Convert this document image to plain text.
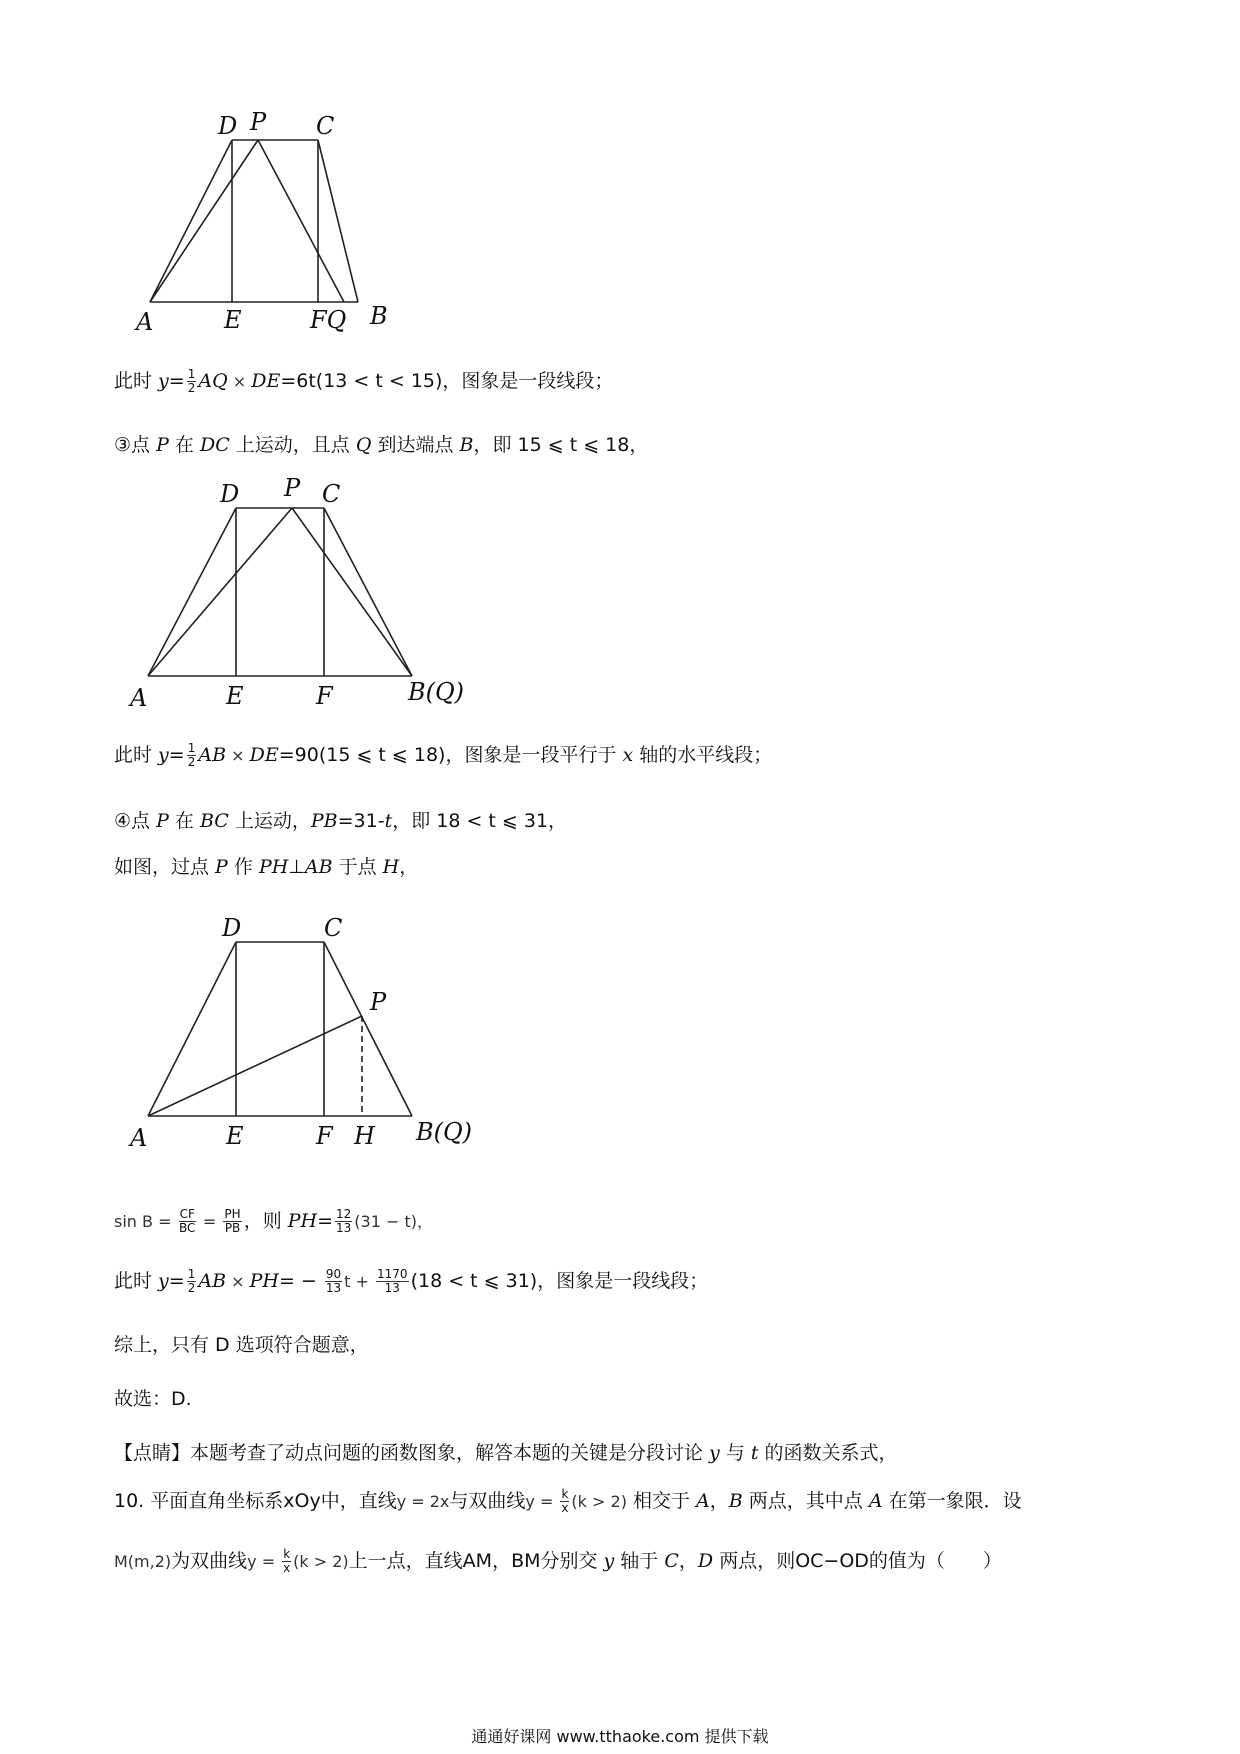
D P C
A	E	FQ B
此时 $y= \frac{1}{2}$ AQ × DE=6t(13 < t < 15)，图象是一段线段；
③点 P 在 DC 上运动，且点 Q 到达端点 B，即 15 ⩽ t ⩽ 18，
D P C
A	E	F	B(Q)
此时 $y= \frac{1}{2}$ AB × DE=90(15 ⩽ t ⩽ 18)，图象是一段平行于 x 轴的水平线段；
④点 P 在 BC 上运动，PB=31-t，即 18 < t ⩽ 31，
如图，过点 P 作 PH⊥AB 于点 H，
D	C
P
A	E	F H B(Q)
$\sin B = \frac{CF}{BC} = \frac{PH}{PB}$ ，则 $PH= \frac{12}{13} (31 - t)$，
此时 $y= \frac{1}{2}$ AB × $PH= - \frac{90}{13}$ $t + \frac{1170}{13} (18 < t$ ⩽ 31)，图象是一段线段；
综上，只有 D 选项符合题意，
故选：D.
【点睛】本题考查了动点问题的函数图象，解答本题的关键是分段讨论 y 与 t 的函数关系式，
10. 平面直角坐标系xOy中，直线y = 2x与双曲线$y = \frac{k}{x} (k > 2)$ 相交于 A，B 两点，其中点 A 在第一象限．设
M(m,2)为双曲线$y = \frac{k}{x} (k > 2)$上一点，直线AM，BM分别交 y 轴于 C，D 两点，则OC−OD的值为（　　）
通通好课网 www.tthaoke.com 提供下载
